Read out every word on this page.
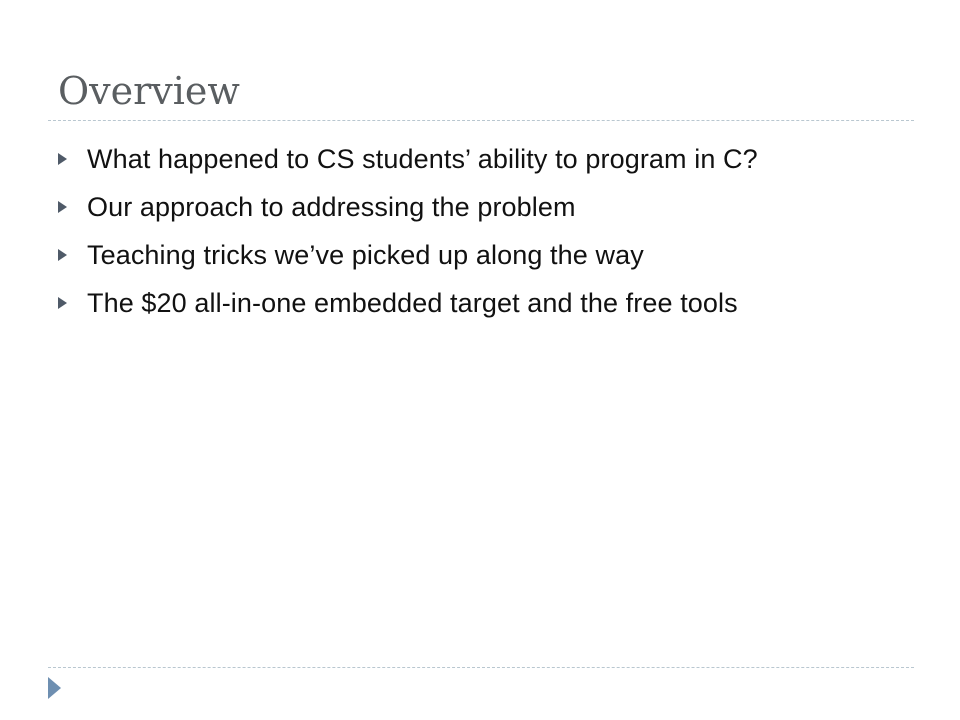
Overview
What happened to CS students’ ability to program in C?
Our approach to addressing the problem
Teaching tricks we’ve picked up along the way
The $20 all-in-one embedded target and the free tools
